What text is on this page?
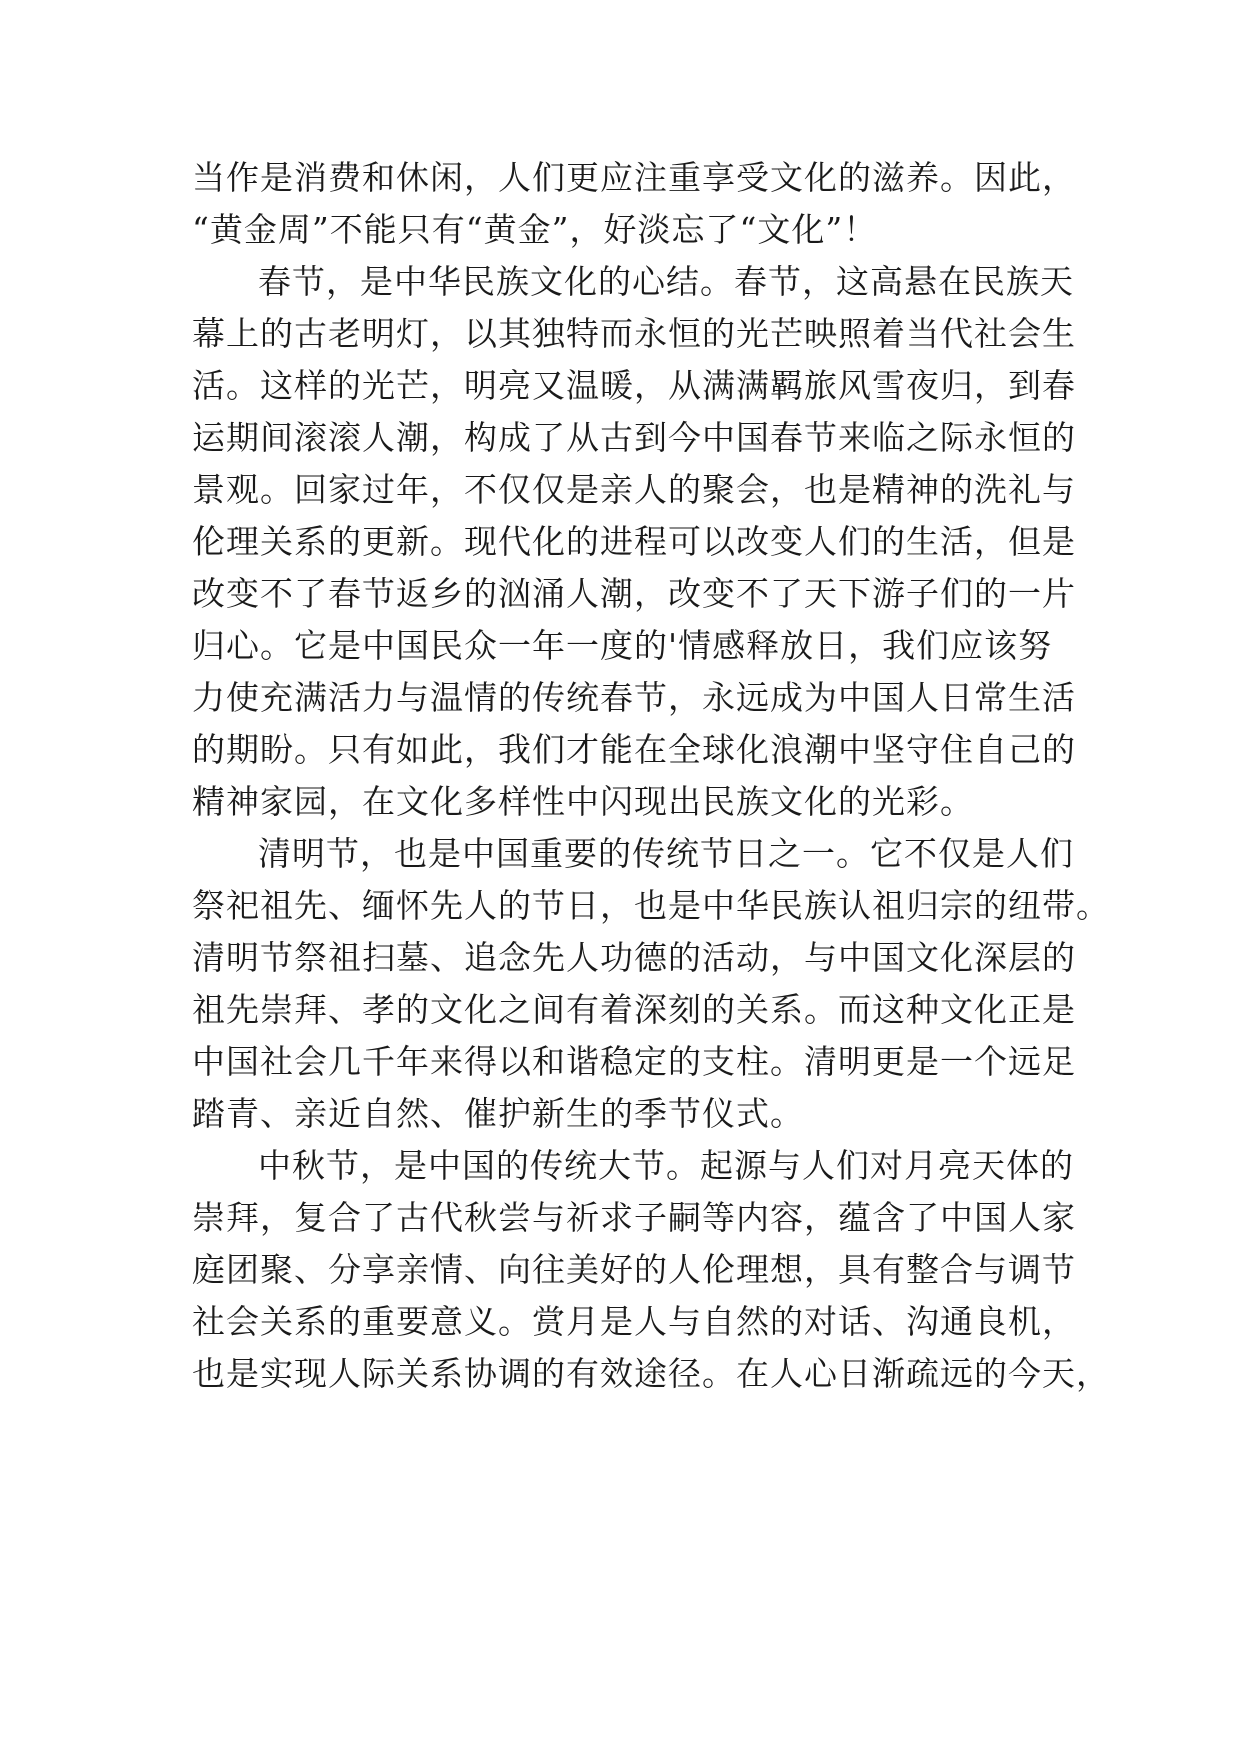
当作是消费和休闲，人们更应注重享受文化的滋养。因此，
“黄金周”不能只有“黄金”，好淡忘了“文化”！
春节，是中华民族文化的心结。春节，这高悬在民族天
幕上的古老明灯，以其独特而永恒的光芒映照着当代社会生
活。这样的光芒，明亮又温暖，从满满羁旅风雪夜归，到春
运期间滚滚人潮，构成了从古到今中国春节来临之际永恒的
景观。回家过年，不仅仅是亲人的聚会，也是精神的洗礼与
伦理关系的更新。现代化的进程可以改变人们的生活，但是
改变不了春节返乡的汹涌人潮，改变不了天下游子们的一片
归心。它是中国民众一年一度的'情感释放日，我们应该努
力使充满活力与温情的传统春节，永远成为中国人日常生活
的期盼。只有如此，我们才能在全球化浪潮中坚守住自己的
精神家园，在文化多样性中闪现出民族文化的光彩。
清明节，也是中国重要的传统节日之一。它不仅是人们
祭祀祖先、缅怀先人的节日，也是中华民族认祖归宗的纽带。
清明节祭祖扫墓、追念先人功德的活动，与中国文化深层的
祖先崇拜、孝的文化之间有着深刻的关系。而这种文化正是
中国社会几千年来得以和谐稳定的支柱。清明更是一个远足
踏青、亲近自然、催护新生的季节仪式。
中秋节，是中国的传统大节。起源与人们对月亮天体的
崇拜，复合了古代秋尝与祈求子嗣等内容，蕴含了中国人家
庭团聚、分享亲情、向往美好的人伦理想，具有整合与调节
社会关系的重要意义。赏月是人与自然的对话、沟通良机，
也是实现人际关系协调的有效途径。在人心日渐疏远的今天，
